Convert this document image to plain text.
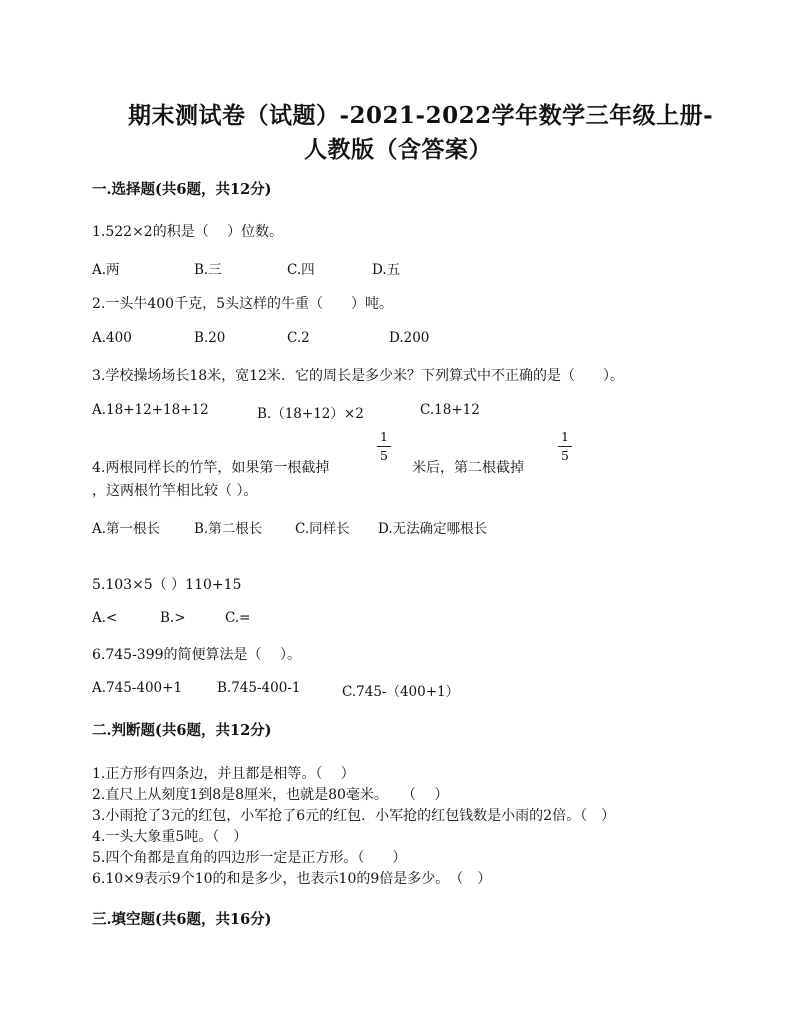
期末测试卷（试题）-2021-2022学年数学三年级上册-
人教版（含答案）
一.选择题(共6题，共12分)
1.522×2的积是（　 ）位数。
A.两	B.三	C.四	D.五
2.一头牛400千克，5头这样的牛重（　　）吨。
A.400	B.20	C.2	D.200
3.学校操场场长18米，宽12米．它的周长是多少米？下列算式中不正确的是（　　）。
A.18+12+18+12	B.（18+12）×2	C.18+12
4.两根同样长的竹竿，如果第一根截掉
1
5
米后，第二根截掉
1
5
，这两根竹竿相比较（ ）。
A.第一根长	B.第二根长 C.同样长 D.无法确定哪根长
5.103×5（ ）110+15
A.<	B.>	C.=
6.745-399的简便算法是（　 ）。
A.745-400+1	B.745-400-1	C.745-（400+1）
二.判断题(共6题，共12分)
1.正方形有四条边，并且都是相等。（　 ）
2.直尺上从刻度1到8是8厘米，也就是80毫米。　　（　 ）
3.小雨抢了3元的红包，小军抢了6元的红包．小军抢的红包钱数是小雨的2倍。（　）
4.一头大象重5吨。（　）
5.四个角都是直角的四边形一定是正方形。（　　）
6.10×9表示9个10的和是多少，也表示10的9倍是多少。　（　）
三.填空题(共6题，共16分)
